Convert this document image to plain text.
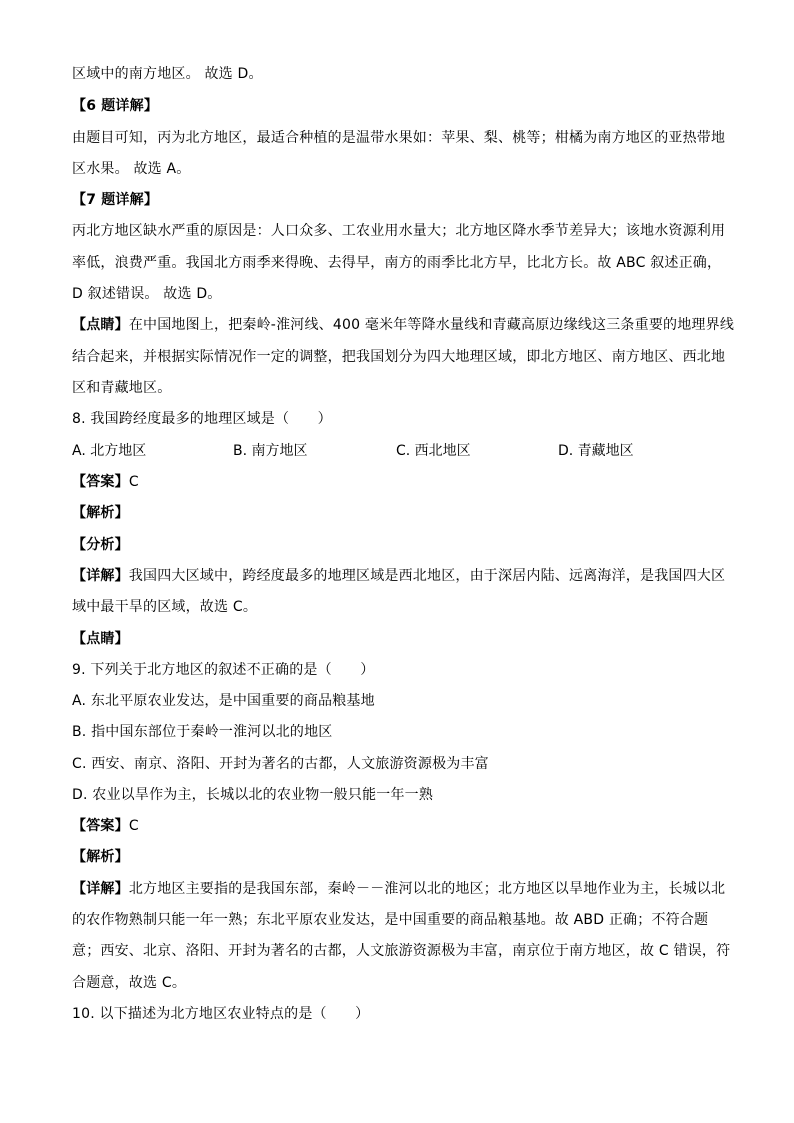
区域中的南方地区。 故选 D。
【6 题详解】
由题目可知，丙为北方地区，最适合种植的是温带水果如：苹果、梨、桃等；柑橘为南方地区的亚热带地
区水果。 故选 A。
【7 题详解】
丙北方地区缺水严重的原因是：人口众多、工农业用水量大；北方地区降水季节差异大；该地水资源利用
率低，浪费严重。我国北方雨季来得晚、去得早，南方的雨季比北方早，比北方长。故 ABC 叙述正确，
D 叙述错误。 故选 D。
【点睛】在中国地图上，把秦岭-淮河线、400 毫米年等降水量线和青藏高原边缘线这三条重要的地理界线
结合起来，并根据实际情况作一定的调整，把我国划分为四大地理区域，即北方地区、南方地区、西北地
区和青藏地区。
8. 我国跨经度最多的地理区域是（　　）
A. 北方地区	B. 南方地区	C. 西北地区	D. 青藏地区
【答案】C
【解析】
【分析】
【详解】我国四大区域中，跨经度最多的地理区域是西北地区，由于深居内陆、远离海洋，是我国四大区
域中最干旱的区域，故选 C。
【点睛】
9. 下列关于北方地区的叙述不正确的是（　　）
A. 东北平原农业发达，是中国重要的商品粮基地
B. 指中国东部位于秦岭一淮河以北的地区
C. 西安、南京、洛阳、开封为著名的古都，人文旅游资源极为丰富
D. 农业以旱作为主，长城以北的农业物一般只能一年一熟
【答案】C
【解析】
【详解】北方地区主要指的是我国东部，秦岭－－淮河以北的地区；北方地区以旱地作业为主，长城以北
的农作物熟制只能一年一熟；东北平原农业发达，是中国重要的商品粮基地。故 ABD 正确；不符合题
意；西安、北京、洛阳、开封为著名的古都，人文旅游资源极为丰富，南京位于南方地区，故 C 错误，符
合题意，故选 C。
10. 以下描述为北方地区农业特点的是（　　）
